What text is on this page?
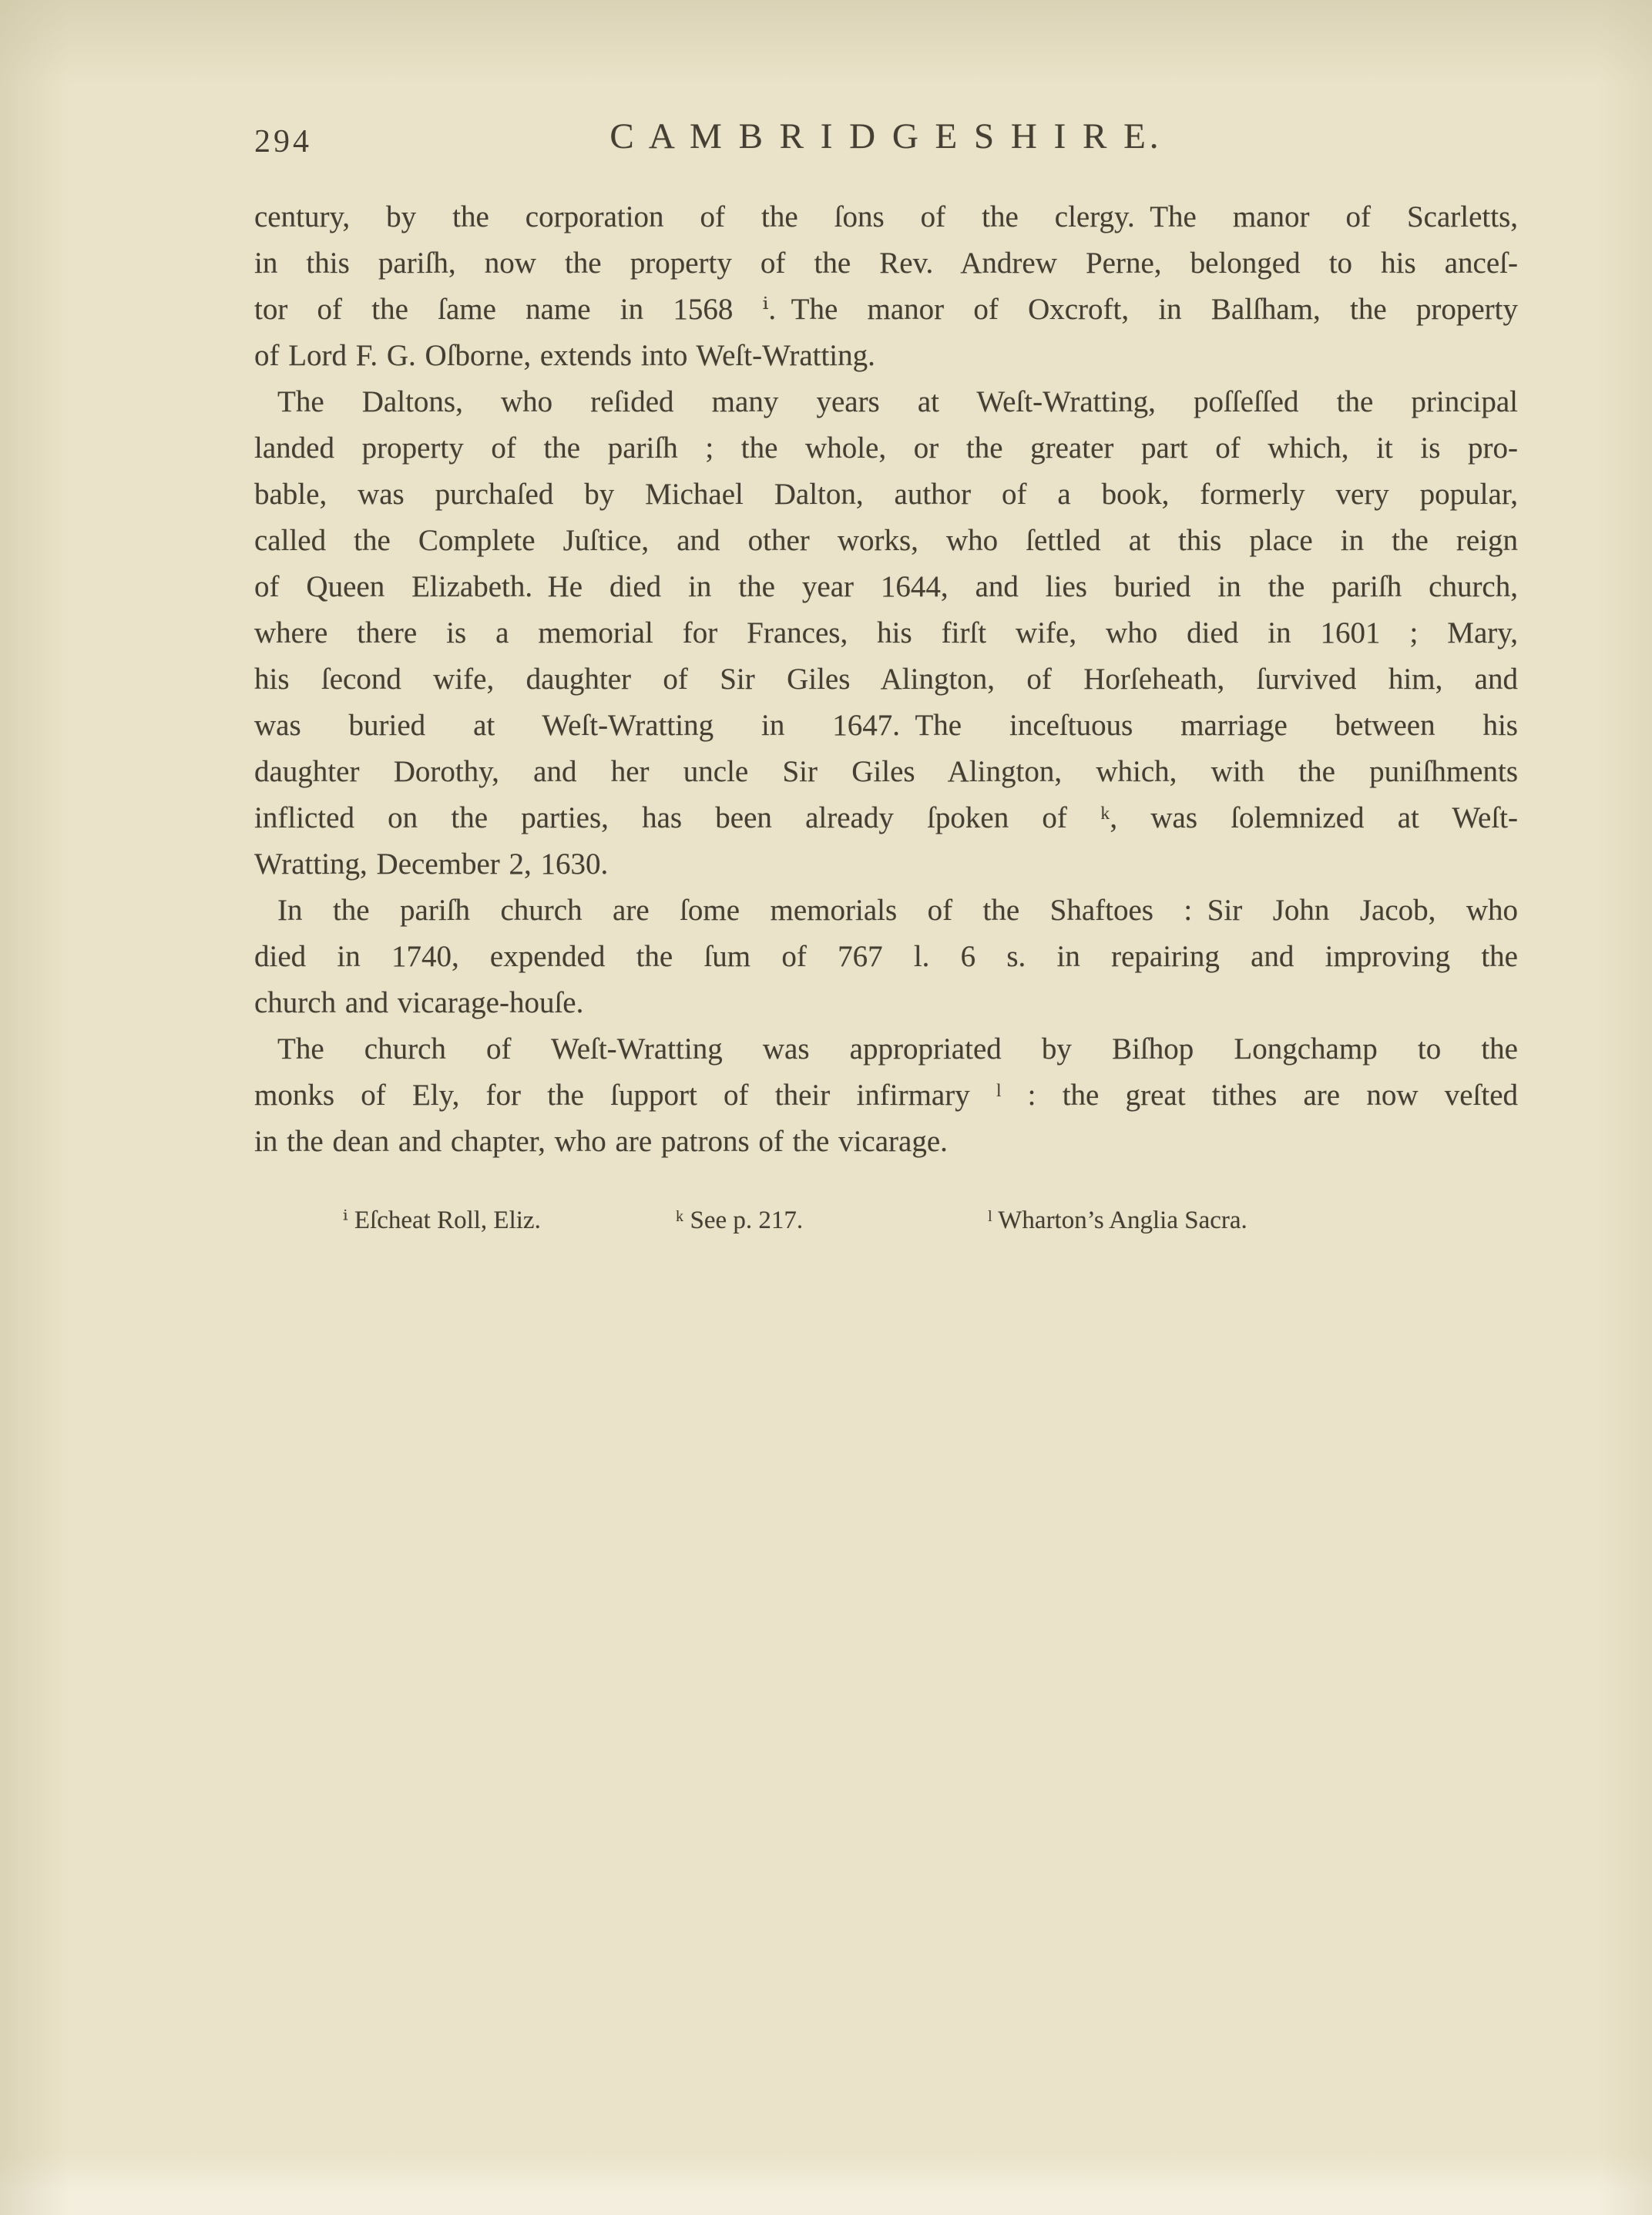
294	C A M B R I D G E S H I R E.

century, by the corporation of the ſons of the clergy. The manor of Scarletts,
in this pariſh, now the property of the Rev. Andrew Perne, belonged to his anceſ-
tor of the ſame name in 1568 ⁱ. The manor of Oxcroft, in Balſham, the property
of Lord F. G. Oſborne, extends into Weſt-Wratting.

The Daltons, who reſided many years at Weſt-Wratting, poſſeſſed the principal
landed property of the pariſh ; the whole, or the greater part of which, it is pro-
bable, was purchaſed by Michael Dalton, author of a book, formerly very popular,
called the Complete Juſtice, and other works, who ſettled at this place in the reign
of Queen Elizabeth. He died in the year 1644, and lies buried in the pariſh church,
where there is a memorial for Frances, his firſt wife, who died in 1601 ; Mary,
his ſecond wife, daughter of Sir Giles Alington, of Horſeheath, ſurvived him, and
was buried at Weſt-Wratting in 1647. The inceſtuous marriage between his
daughter Dorothy, and her uncle Sir Giles Alington, which, with the puniſhments
inflicted on the parties, has been already ſpoken of ᵏ, was ſolemnized at Weſt-
Wratting, December 2, 1630.

In the pariſh church are ſome memorials of the Shaftoes : Sir John Jacob, who
died in 1740, expended the ſum of 767 l. 6 s. in repairing and improving the
church and vicarage-houſe.

The church of Weſt-Wratting was appropriated by Biſhop Longchamp to the
monks of Ely, for the ſupport of their infirmary ˡ : the great tithes are now veſted
in the dean and chapter, who are patrons of the vicarage.

ⁱ Eſcheat Roll, Eliz.	ᵏ See p. 217.	ˡ Wharton’s Anglia Sacra.
